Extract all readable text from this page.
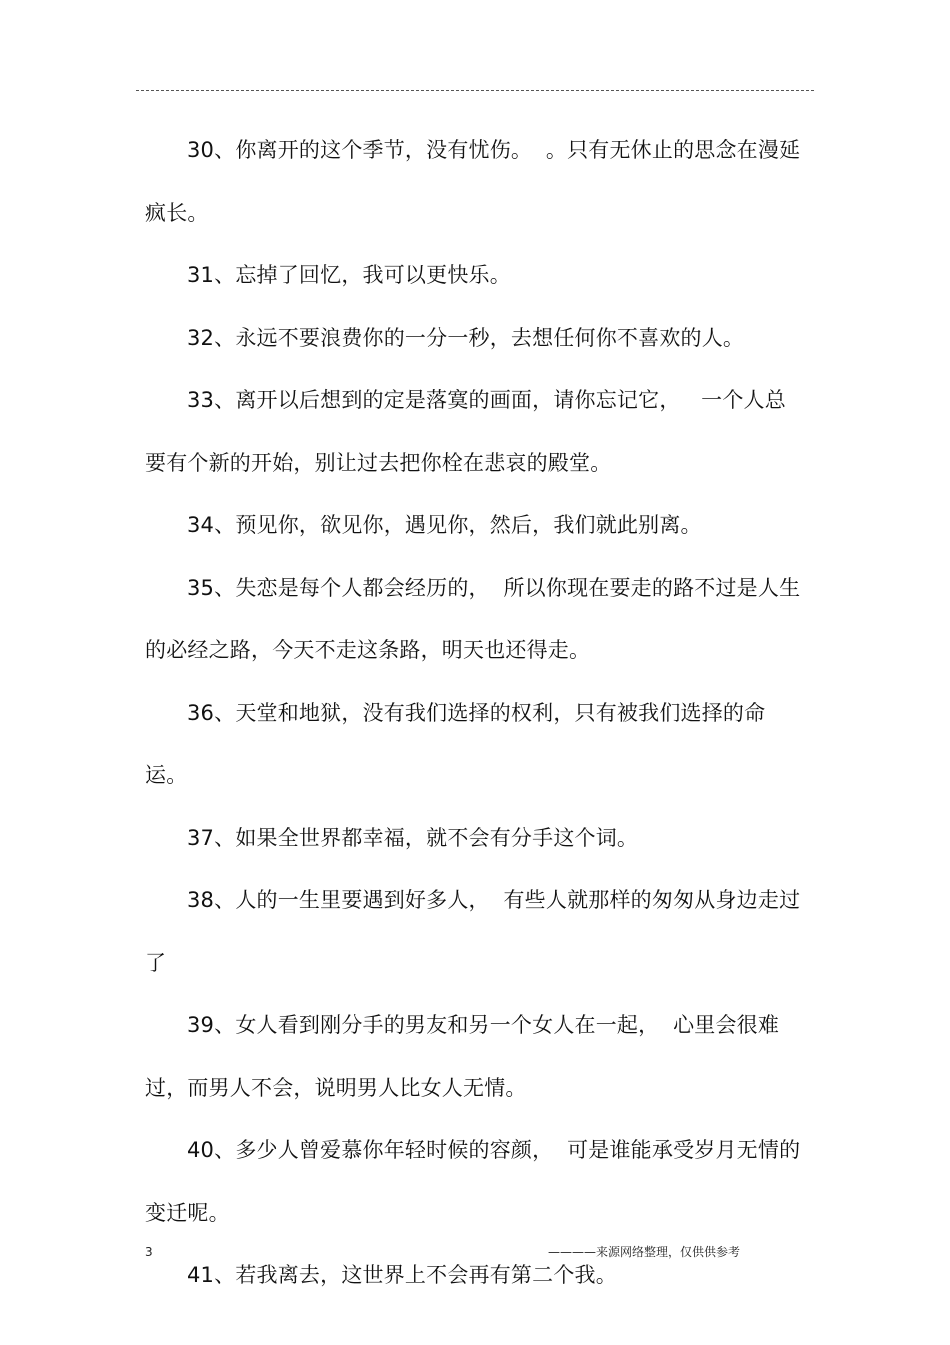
30、你离开的这个季节，没有忧伤。  。只有无休止的思念在漫延疯长。

31、忘掉了回忆，我可以更快乐。

32、永远不要浪费你的一分一秒，去想任何你不喜欢的人。

33、离开以后想到的定是落寞的画面，请你忘记它，   一个人总要有个新的开始，别让过去把你栓在悲哀的殿堂。

34、预见你，欲见你，遇见你，然后，我们就此别离。

35、失恋是每个人都会经历的，  所以你现在要走的路不过是人生的必经之路，今天不走这条路，明天也还得走。

36、天堂和地狱，没有我们选择的权利，只有被我们选择的命运。

37、如果全世界都幸福，就不会有分手这个词。

38、人的一生里要遇到好多人，  有些人就那样的匆匆从身边走过了

39、女人看到刚分手的男友和另一个女人在一起，  心里会很难过，而男人不会，说明男人比女人无情。

40、多少人曾爱慕你年轻时候的容颜，  可是谁能承受岁月无情的变迁呢。

41、若我离去，这世界上不会再有第二个我。

3	————来源网络整理，仅供供参考
